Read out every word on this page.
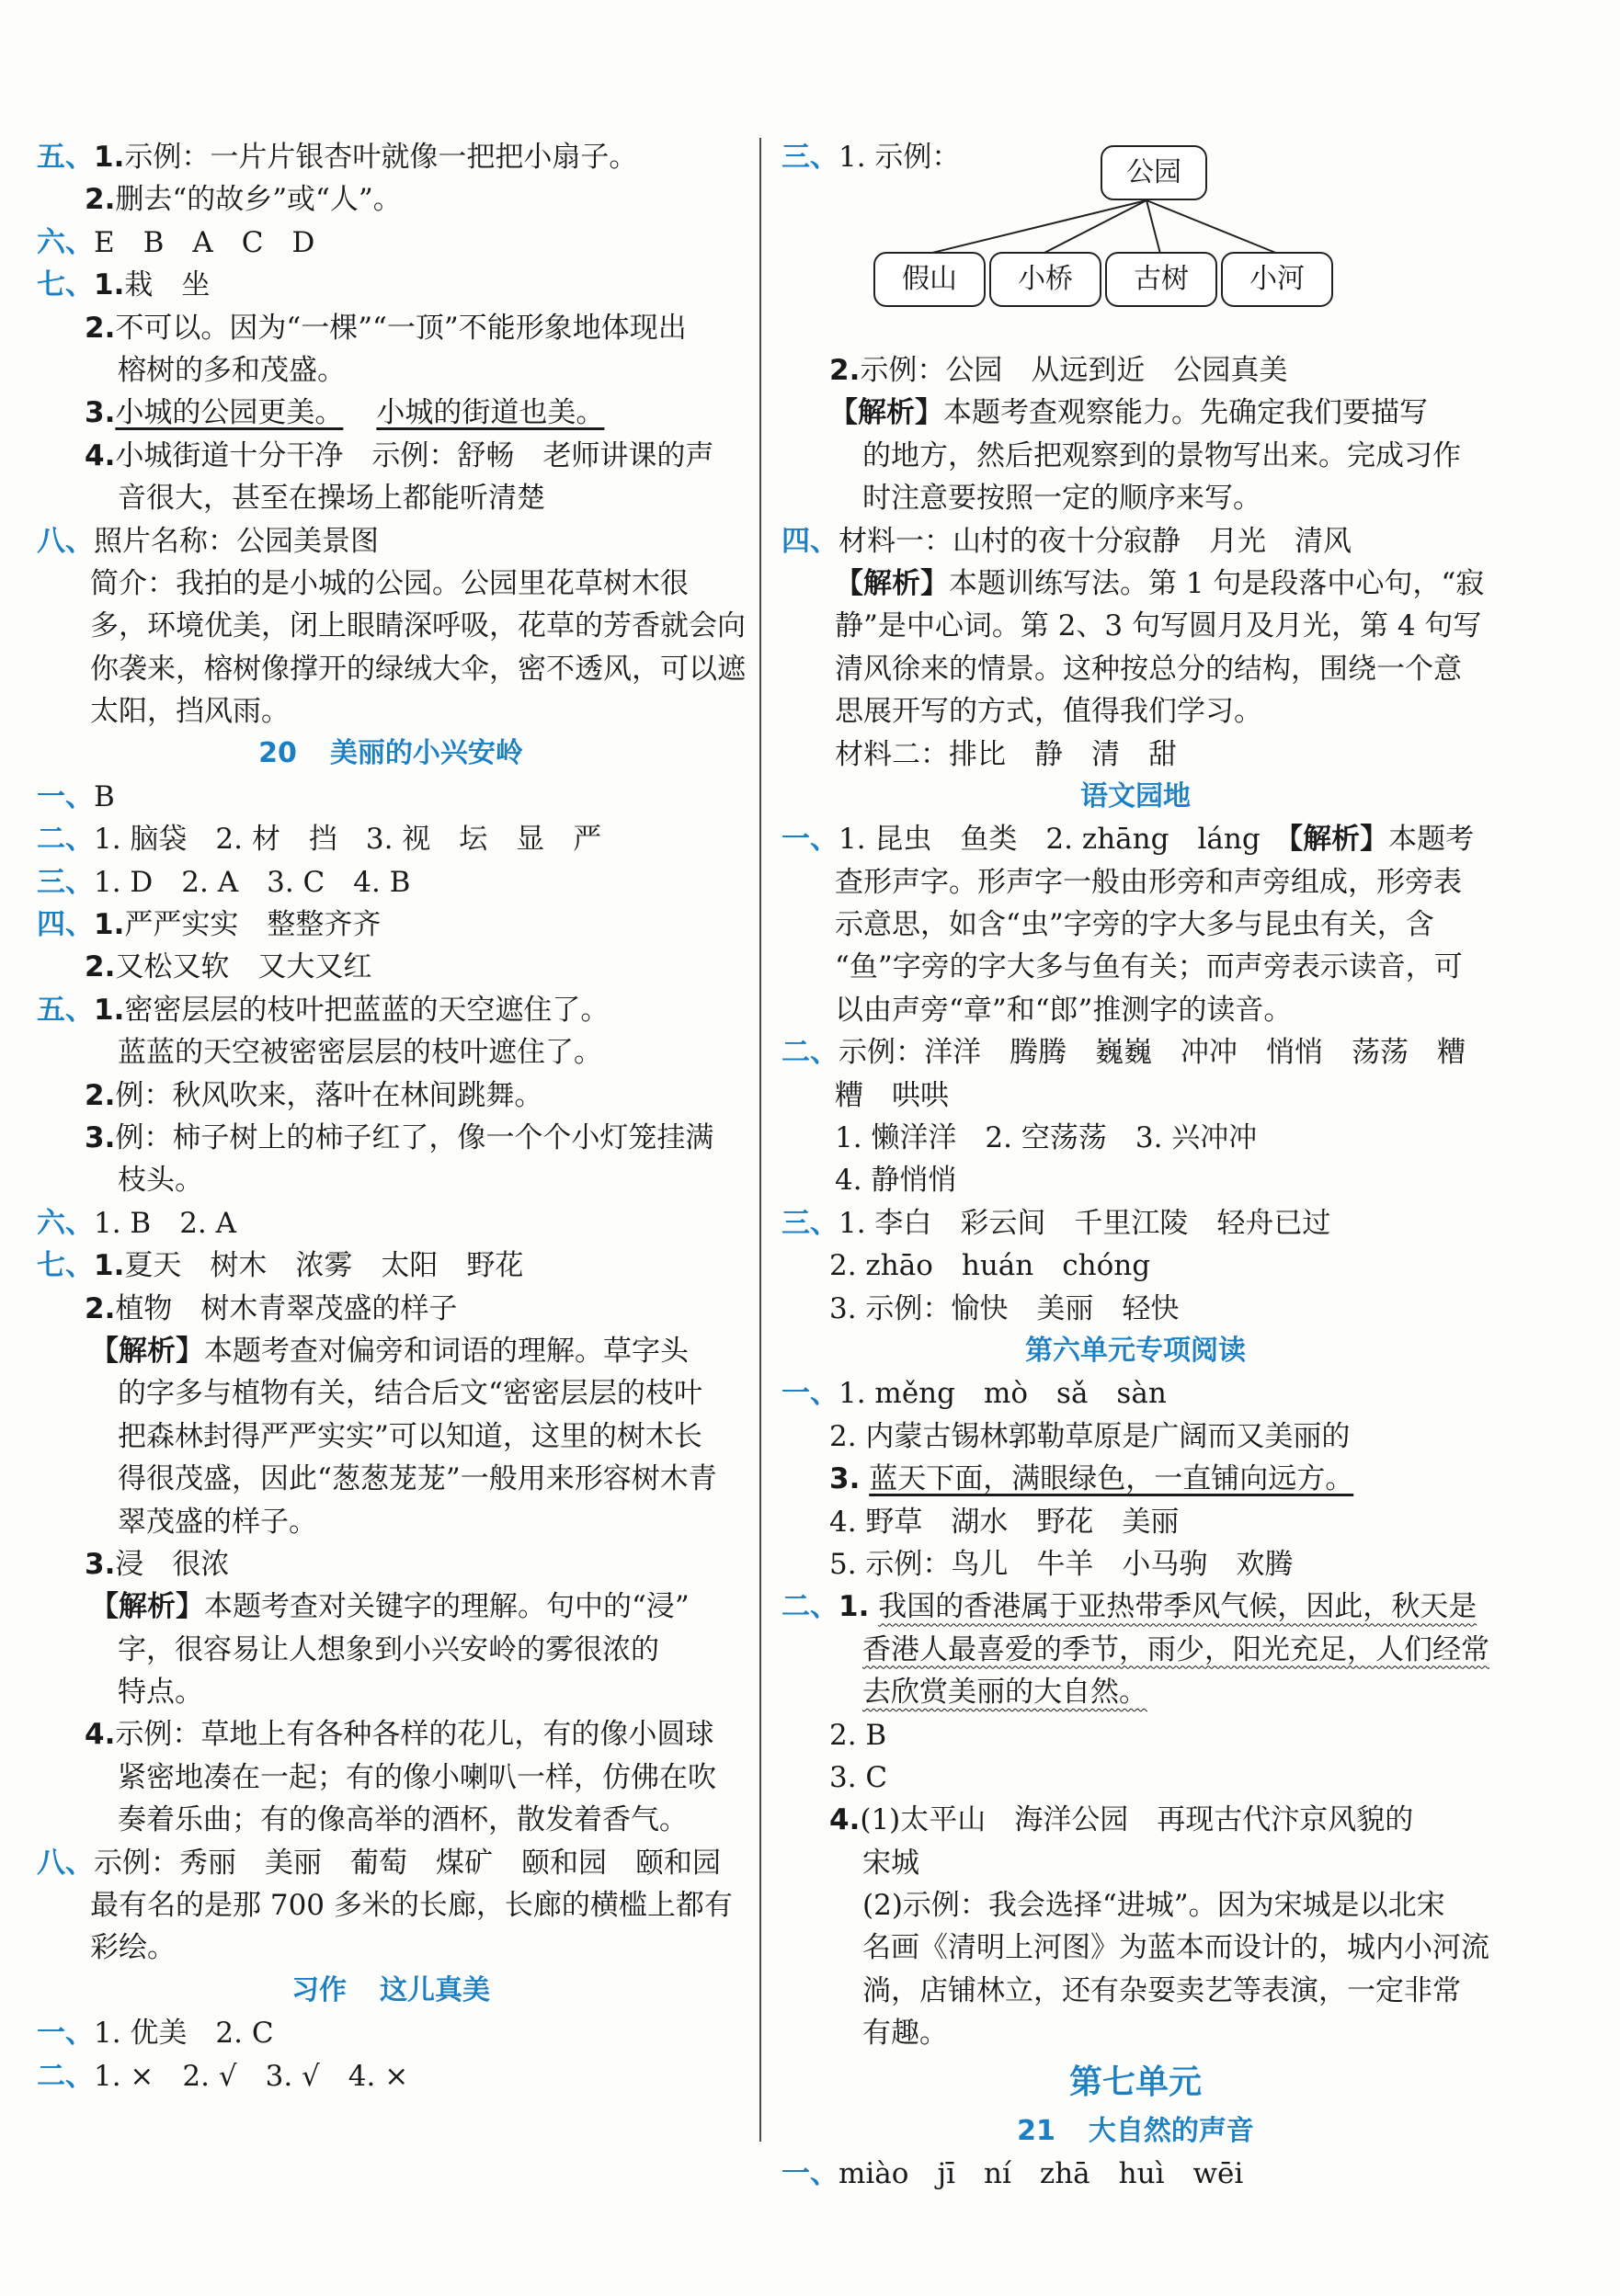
五、1.示例：一片片银杏叶就像一把把小扇子。
2.删去“的故乡”或“人”。
六、E　B　A　C　D
七、1.栽　坐
2.不可以。因为“一棵”“一顶”不能形象地体现出
榕树的多和茂盛。
3.小城的公园更美。 小城的街道也美。
4.小城街道十分干净　示例：舒畅　老师讲课的声
音很大，甚至在操场上都能听清楚
八、照片名称：公园美景图
简介：我拍的是小城的公园。公园里花草树木很
多，环境优美，闭上眼睛深呼吸，花草的芳香就会向
你袭来，榕树像撑开的绿绒大伞，密不透风，可以遮
太阳，挡风雨。
20 美丽的小兴安岭
一、B
二、1. 脑袋　2. 材　挡　3. 视　坛　显　严
三、1. D　2. A　3. C　4. B
四、1.严严实实　整整齐齐
2.又松又软　又大又红
五、1.密密层层的枝叶把蓝蓝的天空遮住了。
蓝蓝的天空被密密层层的枝叶遮住了。
2.例：秋风吹来，落叶在林间跳舞。
3.例：柿子树上的柿子红了，像一个个小灯笼挂满
枝头。
六、1. B　2. A
七、1.夏天　树木　浓雾　太阳　野花
2.植物　树木青翠茂盛的样子
【解析】本题考查对偏旁和词语的理解。草字头
的字多与植物有关，结合后文“密密层层的枝叶
把森林封得严严实实”可以知道，这里的树木长
得很茂盛，因此“葱葱茏茏”一般用来形容树木青
翠茂盛的样子。
3.浸　很浓
【解析】本题考查对关键字的理解。句中的“浸”
字，很容易让人想象到小兴安岭的雾很浓的
特点。
4.示例：草地上有各种各样的花儿，有的像小圆球
紧密地凑在一起；有的像小喇叭一样，仿佛在吹
奏着乐曲；有的像高举的酒杯，散发着香气。
八、示例：秀丽　美丽　葡萄　煤矿　颐和园　颐和园
最有名的是那 700 多米的长廊，长廊的横槛上都有
彩绘。
习作 这儿真美
一、1. 优美　2. C
二、1. ×　2. √　3. √　4. ×
三、1. 示例：	公园
假山	小桥	古树	小河
2.示例：公园　从远到近　公园真美
【解析】本题考查观察能力。先确定我们要描写
的地方，然后把观察到的景物写出来。完成习作
时注意要按照一定的顺序来写。
四、材料一：山村的夜十分寂静　月光　清风
【解析】本题训练写法。第 1 句是段落中心句，“寂
静”是中心词。第 2、3 句写圆月及月光，第 4 句写
清风徐来的情景。这种按总分的结构，围绕一个意
思展开写的方式，值得我们学习。
材料二：排比　静　清　甜
语文园地
一、1. 昆虫　鱼类　2. zhāng　láng　 【解析】本题考
查形声字。形声字一般由形旁和声旁组成，形旁表
示意思，如含“虫”字旁的字大多与昆虫有关，含
“鱼”字旁的字大多与鱼有关；而声旁表示读音，可
以由声旁“章”和“郎”推测字的读音。
二、示例：洋洋　腾腾　巍巍　冲冲　悄悄　荡荡　糟
糟　哄哄
1. 懒洋洋　2. 空荡荡　3. 兴冲冲
4. 静悄悄
三、1. 李白　彩云间　千里江陵　轻舟已过
2. zhāo　huán　chóng
3. 示例：愉快　美丽　轻快
第六单元专项阅读
一、1. měng　mò　sǎ　sàn
2. 内蒙古锡林郭勒草原是广阔而又美丽的
3. 蓝天下面，满眼绿色，一直铺向远方。
4. 野草　湖水　野花　美丽
5. 示例：鸟儿　牛羊　小马驹　欢腾
二、1. 我国的香港属于亚热带季风气候，因此，秋天是
香港人最喜爱的季节，雨少，阳光充足，人们经常
去欣赏美丽的大自然。
2. B
3. C
4.(1)太平山　海洋公园　再现古代汴京风貌的
宋城
(2)示例：我会选择“进城”。因为宋城是以北宋
名画《清明上河图》为蓝本而设计的，城内小河流
淌，店铺林立，还有杂耍卖艺等表演，一定非常
有趣。
第七单元
21 大自然的声音
一、miào　jī　ní　zhā　huì　wēi
